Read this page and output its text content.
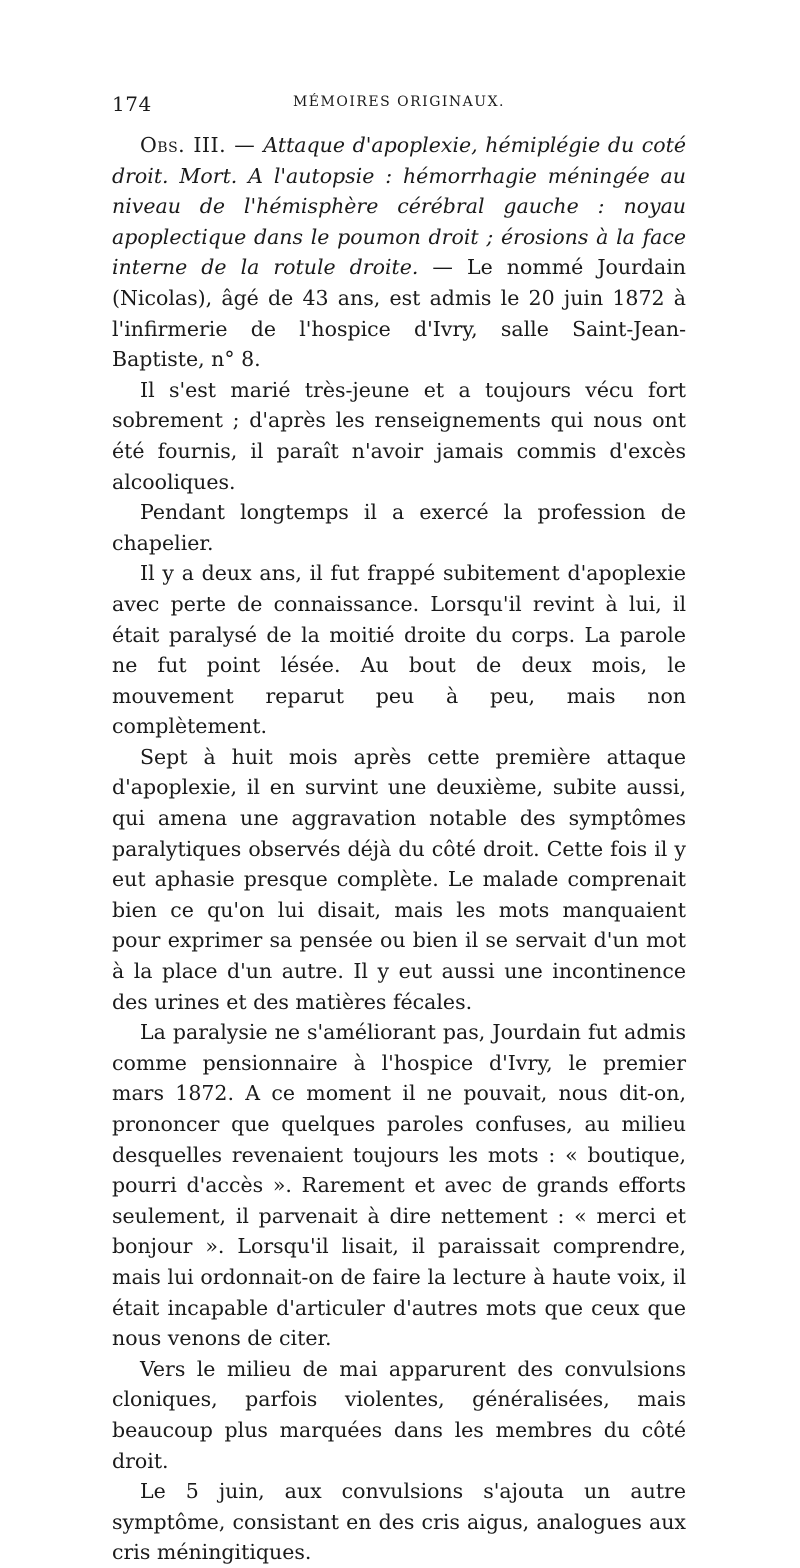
174	MÉMOIRES ORIGINAUX.

Obs. III. — Attaque d'apoplexie, hémiplégie du coté droit. Mort. A l'autopsie : hémorrhagie méningée au niveau de l'hémisphère cérébral gauche : noyau apoplectique dans le poumon droit ; érosions à la face interne de la rotule droite. — Le nommé Jourdain (Nicolas), âgé de 43 ans, est admis le 20 juin 1872 à l'infirmerie de l'hospice d'Ivry, salle Saint-Jean-Baptiste, n° 8.

Il s'est marié très-jeune et a toujours vécu fort sobrement ; d'après les renseignements qui nous ont été fournis, il paraît n'avoir jamais commis d'excès alcooliques.

Pendant longtemps il a exercé la profession de chapelier.

Il y a deux ans, il fut frappé subitement d'apoplexie avec perte de connaissance. Lorsqu'il revint à lui, il était paralysé de la moitié droite du corps. La parole ne fut point lésée. Au bout de deux mois, le mouvement reparut peu à peu, mais non complètement.

Sept à huit mois après cette première attaque d'apoplexie, il en survint une deuxième, subite aussi, qui amena une aggravation notable des symptômes paralytiques observés déjà du côté droit. Cette fois il y eut aphasie presque complète. Le malade comprenait bien ce qu'on lui disait, mais les mots manquaient pour exprimer sa pensée ou bien il se servait d'un mot à la place d'un autre. Il y eut aussi une incontinence des urines et des matières fécales.

La paralysie ne s'améliorant pas, Jourdain fut admis comme pensionnaire à l'hospice d'Ivry, le premier mars 1872. A ce moment il ne pouvait, nous dit-on, prononcer que quelques paroles confuses, au milieu desquelles revenaient toujours les mots : « boutique, pourri d'accès ». Rarement et avec de grands efforts seulement, il parvenait à dire nettement : « merci et bonjour ». Lorsqu'il lisait, il paraissait comprendre, mais lui ordonnait-on de faire la lecture à haute voix, il était incapable d'articuler d'autres mots que ceux que nous venons de citer.

Vers le milieu de mai apparurent des convulsions cloniques, parfois violentes, généralisées, mais beaucoup plus marquées dans les membres du côté droit.

Le 5 juin, aux convulsions s'ajouta un autre symptôme, consistant en des cris aigus, analogues aux cris méningitiques.
